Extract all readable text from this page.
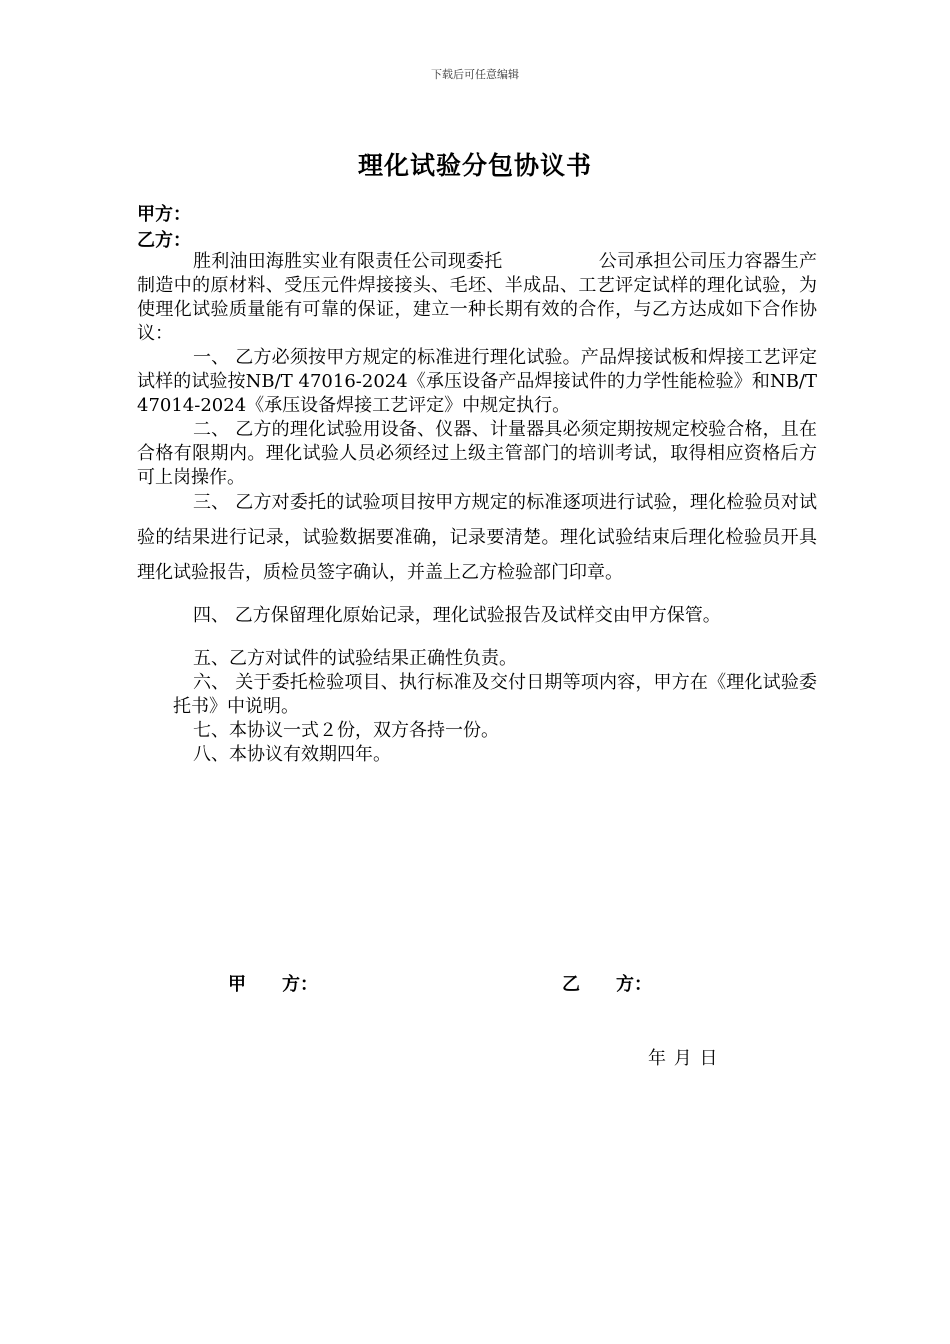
下载后可任意编辑
理化试验分包协议书
甲方：
乙方：

胜利油田海胜实业有限责任公司现委托	公司承担公司压力容器生产制造中的原材料、受压元件焊接接头、毛坯、半成品、工艺评定试样的理化试验，为使理化试验质量能有可靠的保证，建立一种长期有效的合作，与乙方达成如下合作协议：

一、 乙方必须按甲方规定的标准进行理化试验。产品焊接试板和焊接工艺评定试样的试验按NB/T 47016-2024《承压设备产品焊接试件的力学性能检验》和NB/T 47014-2024《承压设备焊接工艺评定》中规定执行。

二、 乙方的理化试验用设备、仪器、计量器具必须定期按规定校验合格，且在合格有限期内。理化试验人员必须经过上级主管部门的培训考试，取得相应资格后方可上岗操作。

三、 乙方对委托的试验项目按甲方规定的标准逐项进行试验，理化检验员对试验的结果进行记录，试验数据要准确，记录要清楚。理化试验结束后理化检验员开具理化试验报告，质检员签字确认，并盖上乙方检验部门印章。

四、 乙方保留理化原始记录，理化试验报告及试样交由甲方保管。

五、乙方对试件的试验结果正确性负责。

六、 关于委托检验项目、执行标准及交付日期等项内容，甲方在《理化试验委托书》中说明。

七、本协议一式２份，双方各持一份。

八、本协议有效期四年。

甲　　方：	乙　　方：
年 月 日
